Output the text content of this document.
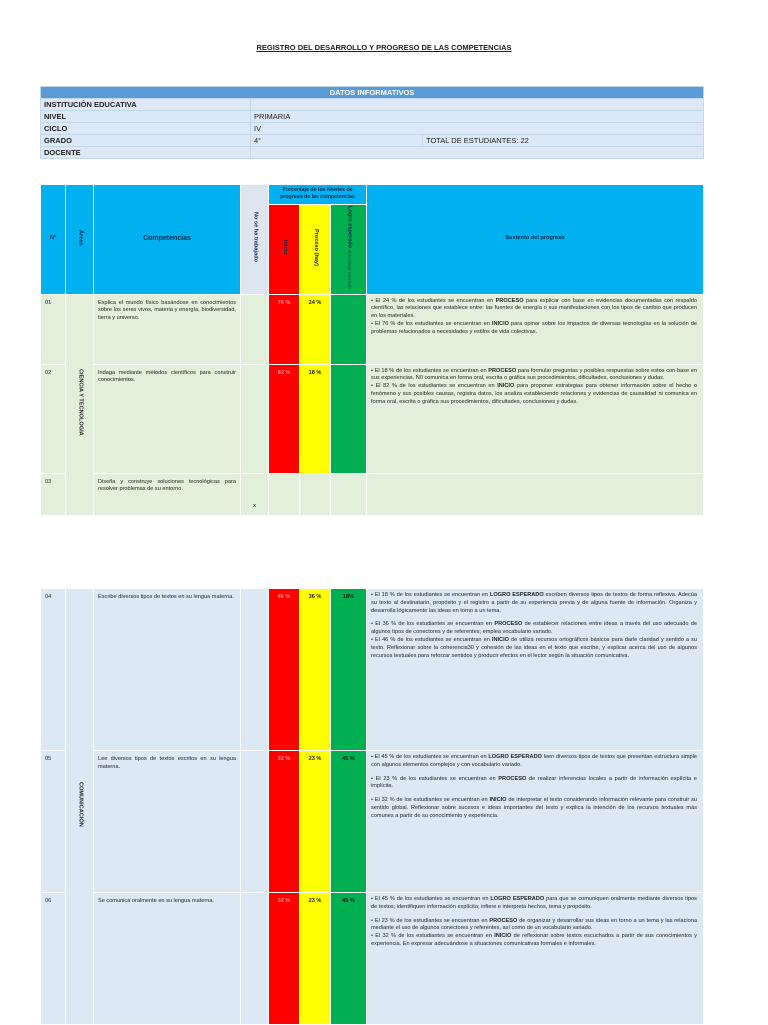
REGISTRO DEL DESARROLLO Y PROGRESO DE LAS COMPETENCIAS
DATOS INFORMATIVOS		
INSTITUCIÒN EDUCATIVA		
NIVEL	PRIMARIA	
CICLO	IV	
GRADO	4°	TOTAL DE ESTUDIANTES: 22
DOCENTE		
N°	Áreas	Competencias	No se ha trabajado	Porcentaje de los Niveles de progreso de las competencias			Sustento del progreso
				Inicio	Proceso (hay)	Logro esperado Aprendizaje esperado	
01	CIENCIA Y TECNOLOGIA	Explica el mundo físico basándose en conocimientos sobre los seres vivos, materia y energía, biodiversidad, tierra y universo.		76 %	24 %		• El 24 % de los estudiantes se encuentran en PROCESO para explicar con base en evidencias documentadas con respaldo científico, las relaciones que establece entre: las fuentes de energía o sus manifestaciones con los tipos de cambio que producen en los materiales.

• El 76 % de los estudiantes se encuentran en INICIO para opinar sobre los impactos de diversas tecnologías en la solución de problemas relacionados a necesidades y estilos de vida colectivas.

02		Indaga mediante métodos científicos para construir conocimientos.		82 %	18 %		• El 18 % de los estudiantes se encuentran en PROCESO para formular preguntas y posibles respuestas sobre estos con base en sus experiencias. N0 comunica en forma oral, escrita o gráfica sus procedimientos, dificultades, conclusiones y dudas.

• El 82 % de los estudiantes se encuentran en INICIO para proponer estrategias para obtener información sobre el hecho o fenómeno y sus posibles causas, registra datos, los analiza estableciendo relaciones y evidencias de causalidad ni comunica en forma oral, escrita o gráfica sus procedimientos, dificultades, conclusiones y dudas.

03		Diseña y construye soluciones tecnológicas para resolver problemas de su entorno.	x	

04	COMUNICACIÓN	Escribe diversos tipos de textos en su lengua materna.		46 %	36 %	18%	• El 18 % de los estudiantes se encuentran en LOGRO ESPERADO escriben diversos tipos de textos de forma reflexiva. Adecúa su texto al destinatario, propósito y el registro a partir de su experiencia previa y de alguna fuente de información. Organiza y desarrolla lógicamente las ideas en torno a un tema.

• El 36 % de los estudiantes se encuentran en PROCESO de establecer relaciones entre ideas a través del uso adecuado de algunos tipos de conectores y de referentes; emplea vocabulario variado.

• El 46 % de los estudiantes se encuentran en INICIO de utiliza recursos ortográficos básicos para darle claridad y sentido a su texto. Reflexionar sobre la coherencia30 y cohesión de las ideas en el texto que escribe, y explicar acerca del uso de algunos recursos textuales para reforzar sentidos y producir efectos en el lector según la situación comunicativa.

05		Lee diversos tipos de textos escritos en su lengua materna.		32 %	23 %	45 %	• El 45 % de los estudiantes se encuentran en LOGRO ESPERADO leen diversos tipos de textos que presentan estructura simple con algunos elementos complejos y con vocabulario variado.

• El 23 % de los estudiantes se encuentran en PROCESO de realizar inferencias locales a partir de información explícita e implícita.

• El 32 % de los estudiantes se encuentran en INICIO de interpretar el texto considerando información relevante para construir su sentido global. Reflexionar sobre sucesos e ideas importantes del texto y explica la intención de los recursos textuales más comunes a partir de su conocimiento y experiencia.

06		Se comunica oralmente en su lengua materna.		32 %	23 %	45 %	• El 45 % de los estudiantes se encuentran en LOGRO ESPERADO para que se comuniquen oralmente mediante diversos tipos de textos; identifiquen información explícita; infiere e interpreta hechos, tema y propósito.

• El 23 % de los estudiantes se encuentran en PROCESO de organizar y desarrollar sus ideas en torno a un tema y las relaciona mediante el uso de algunos conectores y referentes, así como de un vocabulario variado.

• El 32 % de los estudiantes se encuentran en INICIO de reflexionar sobre textos escuchados a partir de sus conocimientos y experiencia. En expresar adecuándose a situaciones comunicativas formales e informales.
